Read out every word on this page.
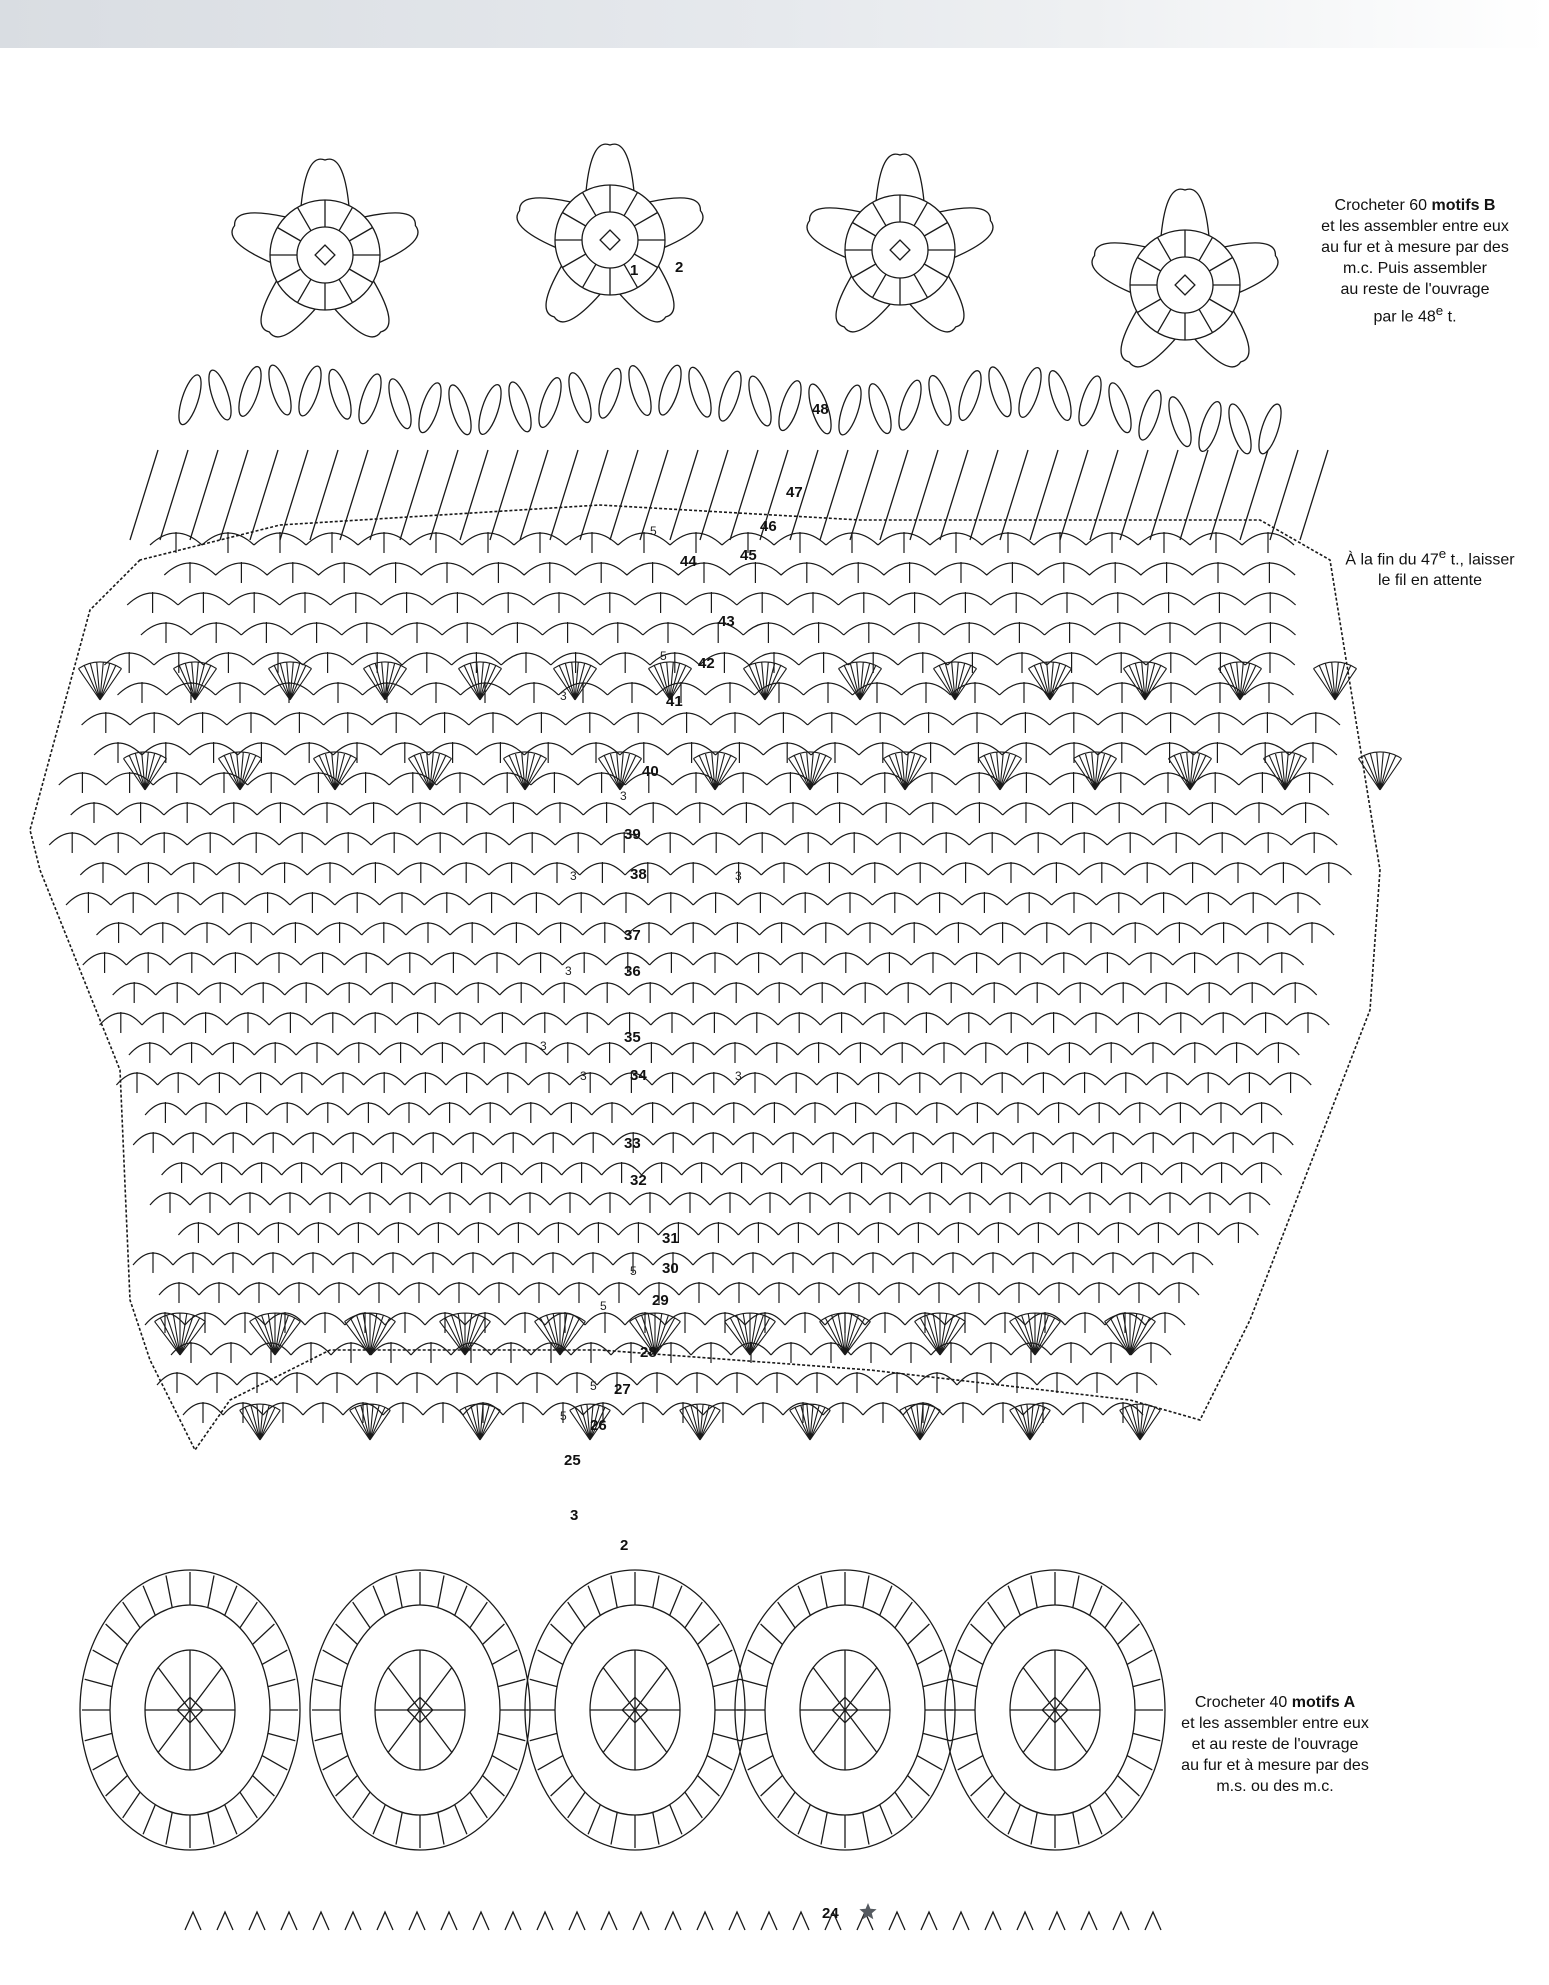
3
3
3	3
3
3
3
3
5
5
5
5
5
5
48
47
46
45
44
43
42
41
40
39
38
37
36
35
34
33
32
31
30
29
28
27
26
25
24
1 2
2
3
Crocheter 60 motifs B
et les assembler entre eux
au fur et à mesure par des
m.c. Puis assembler
au reste de l'ouvrage
par le 48e t.
À la fin du 47e t., laisser
le fil en attente
Crocheter 40 motifs A
et les assembler entre eux
et au reste de l'ouvrage
au fur et à mesure par des
m.s. ou des m.c.
